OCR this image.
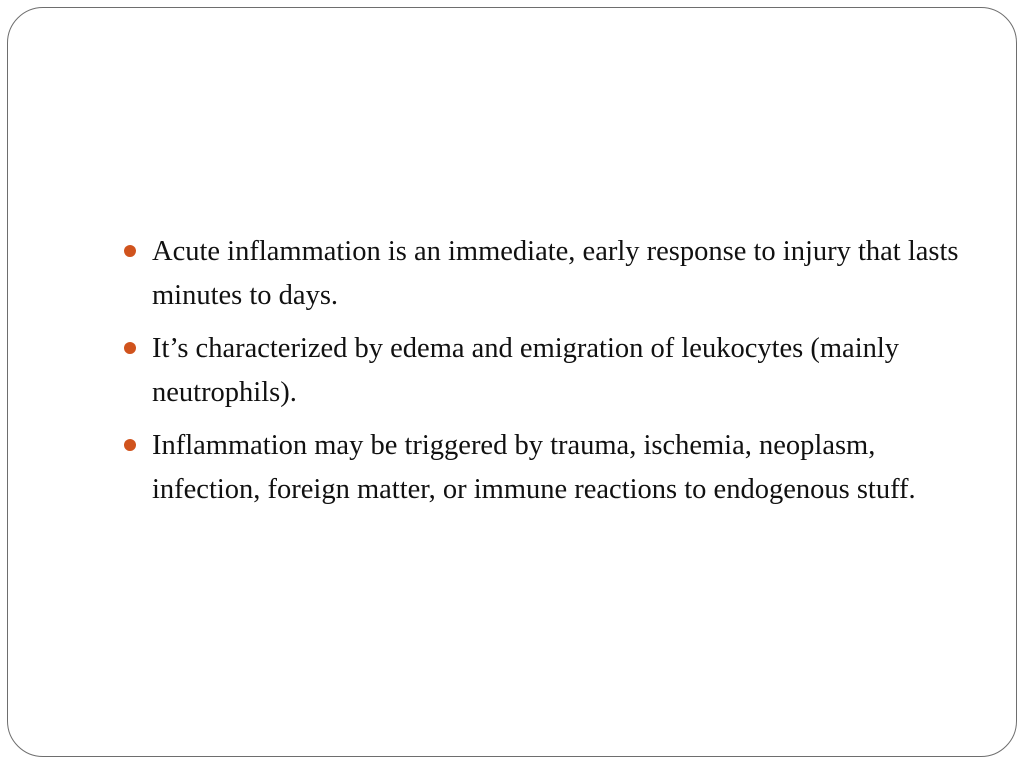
Acute inflammation is an immediate, early response to injury that lasts minutes to days.
It’s characterized by edema and emigration of leukocytes (mainly neutrophils).
Inflammation may be triggered by trauma, ischemia, neoplasm, infection, foreign matter, or immune reactions to endogenous stuff.
